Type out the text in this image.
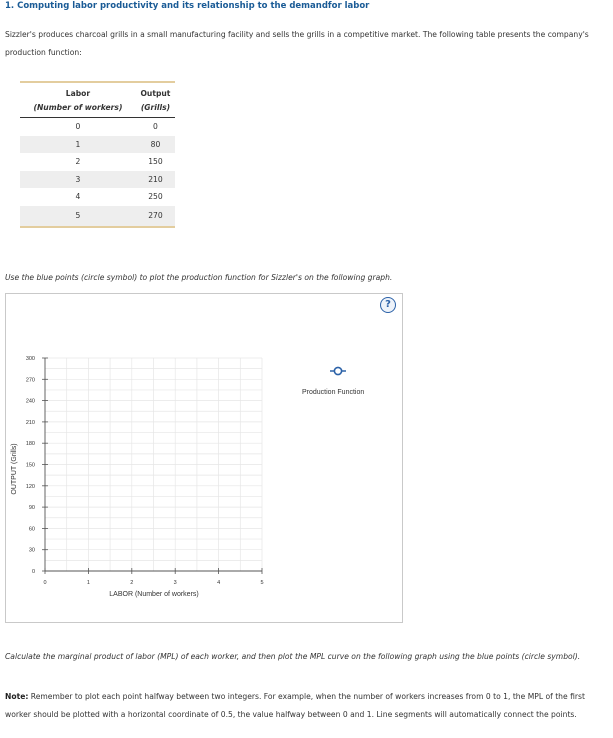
1. Computing labor productivity and its relationship to the demandfor labor
Sizzler's produces charcoal grills in a small manufacturing facility and sells the grills in a competitive market. The following table presents the company's production function:
Labor	Output
(Number of workers)	(Grills)
0	0
1	80
2	150
3	210
4	250
5	270
Use the blue points (circle symbol) to plot the production function for Sizzler's on the following graph.
0
30
60
90
120
150
180
210
240
270
300
0	1	2	3	4	5
LABOR (Number of workers)
OUTPUT (Grills)
Production Function
?
Calculate the marginal product of labor (MPL) of each worker, and then plot the MPL curve on the following graph using the blue points (circle symbol).
Note: Remember to plot each point halfway between two integers. For example, when the number of workers increases from 0 to 1, the MPL of the first worker should be plotted with a horizontal coordinate of 0.5, the value halfway between 0 and 1. Line segments will automatically connect the points.
